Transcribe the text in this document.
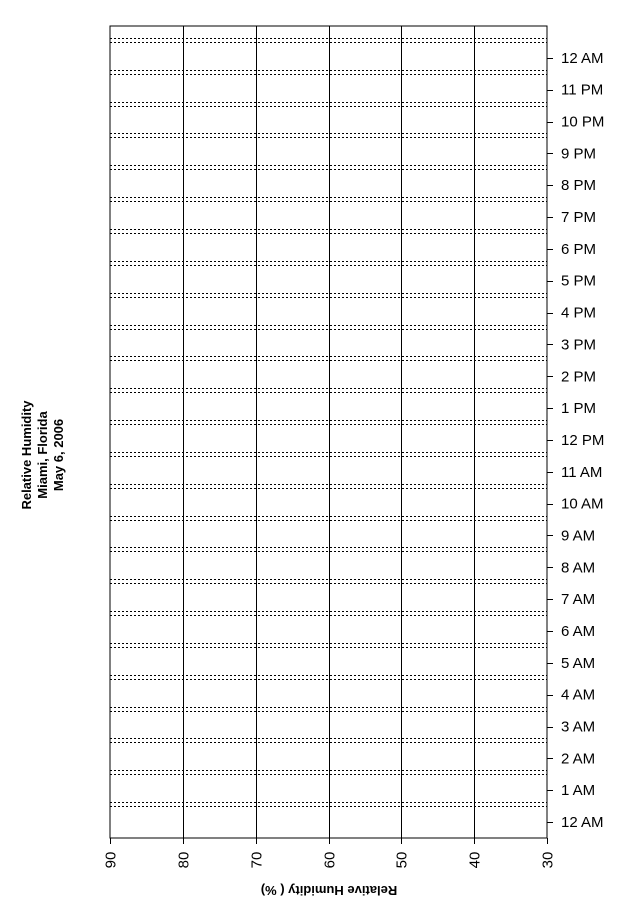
12 AM
1 AM
2 AM
3 AM
4 AM
5 AM
6 AM
7 AM
8 AM
9 AM
10 AM
11 AM
12 PM
1 PM
2 PM
3 PM
4 PM
5 PM
6 PM
7 PM
8 PM
9 PM
10 PM
11 PM
12 AM
90	80	70	60	50	40	30
Relative Humidity ( %)
Relative Humidity Miami, Florida May 6, 2006
